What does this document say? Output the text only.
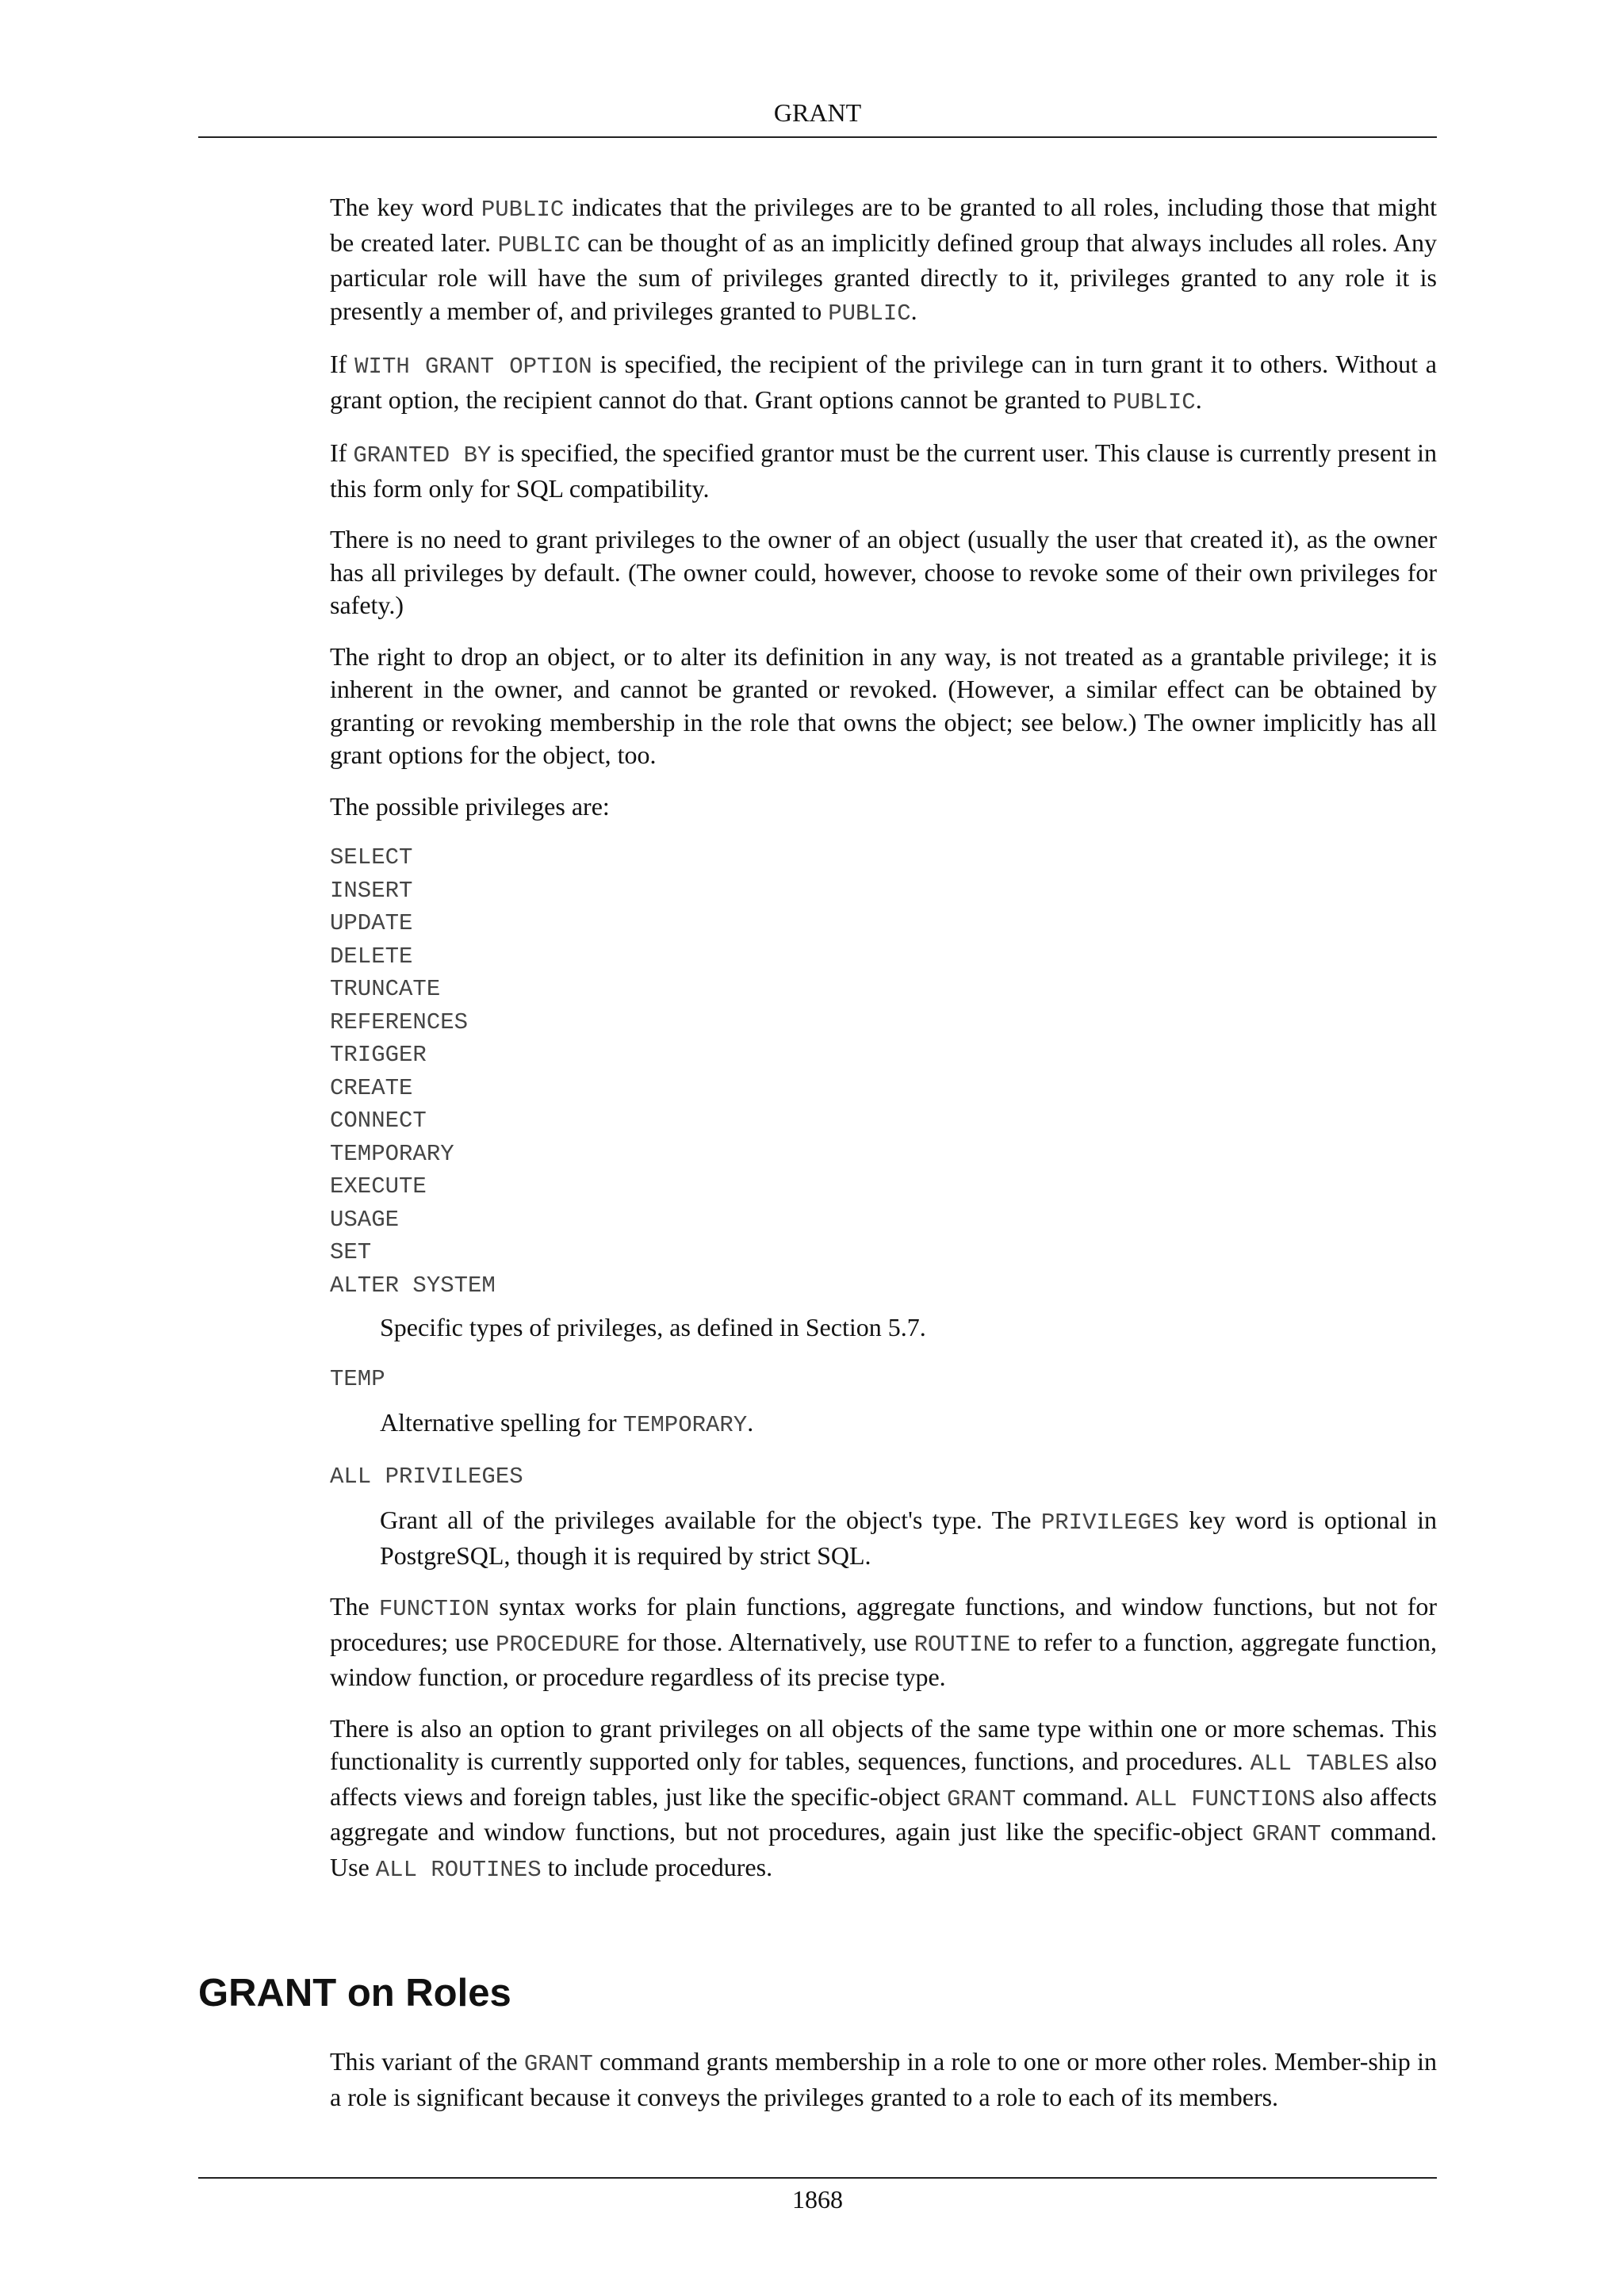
GRANT

The key word PUBLIC indicates that the privileges are to be granted to all roles, including those that might be created later. PUBLIC can be thought of as an implicitly defined group that always includes all roles. Any particular role will have the sum of privileges granted directly to it, privileges granted to any role it is presently a member of, and privileges granted to PUBLIC.

If WITH GRANT OPTION is specified, the recipient of the privilege can in turn grant it to others. Without a grant option, the recipient cannot do that. Grant options cannot be granted to PUBLIC.

If GRANTED BY is specified, the specified grantor must be the current user. This clause is currently present in this form only for SQL compatibility.

There is no need to grant privileges to the owner of an object (usually the user that created it), as the owner has all privileges by default. (The owner could, however, choose to revoke some of their own privileges for safety.)

The right to drop an object, or to alter its definition in any way, is not treated as a grantable privilege; it is inherent in the owner, and cannot be granted or revoked. (However, a similar effect can be obtained by granting or revoking membership in the role that owns the object; see below.) The owner implicitly has all grant options for the object, too.

The possible privileges are:

SELECT
INSERT
UPDATE
DELETE
TRUNCATE
REFERENCES
TRIGGER
CREATE
CONNECT
TEMPORARY
EXECUTE
USAGE
SET
ALTER SYSTEM

Specific types of privileges, as defined in Section 5.7.

TEMP

Alternative spelling for TEMPORARY.

ALL PRIVILEGES

Grant all of the privileges available for the object's type. The PRIVILEGES key word is optional in PostgreSQL, though it is required by strict SQL.

The FUNCTION syntax works for plain functions, aggregate functions, and window functions, but not for procedures; use PROCEDURE for those. Alternatively, use ROUTINE to refer to a function, aggregate function, window function, or procedure regardless of its precise type.

There is also an option to grant privileges on all objects of the same type within one or more schemas. This functionality is currently supported only for tables, sequences, functions, and procedures. ALL TABLES also affects views and foreign tables, just like the specific-object GRANT command. ALL FUNCTIONS also affects aggregate and window functions, but not procedures, again just like the specific-object GRANT command. Use ALL ROUTINES to include procedures.

GRANT on Roles

This variant of the GRANT command grants membership in a role to one or more other roles. Member-ship in a role is significant because it conveys the privileges granted to a role to each of its members.

1868
